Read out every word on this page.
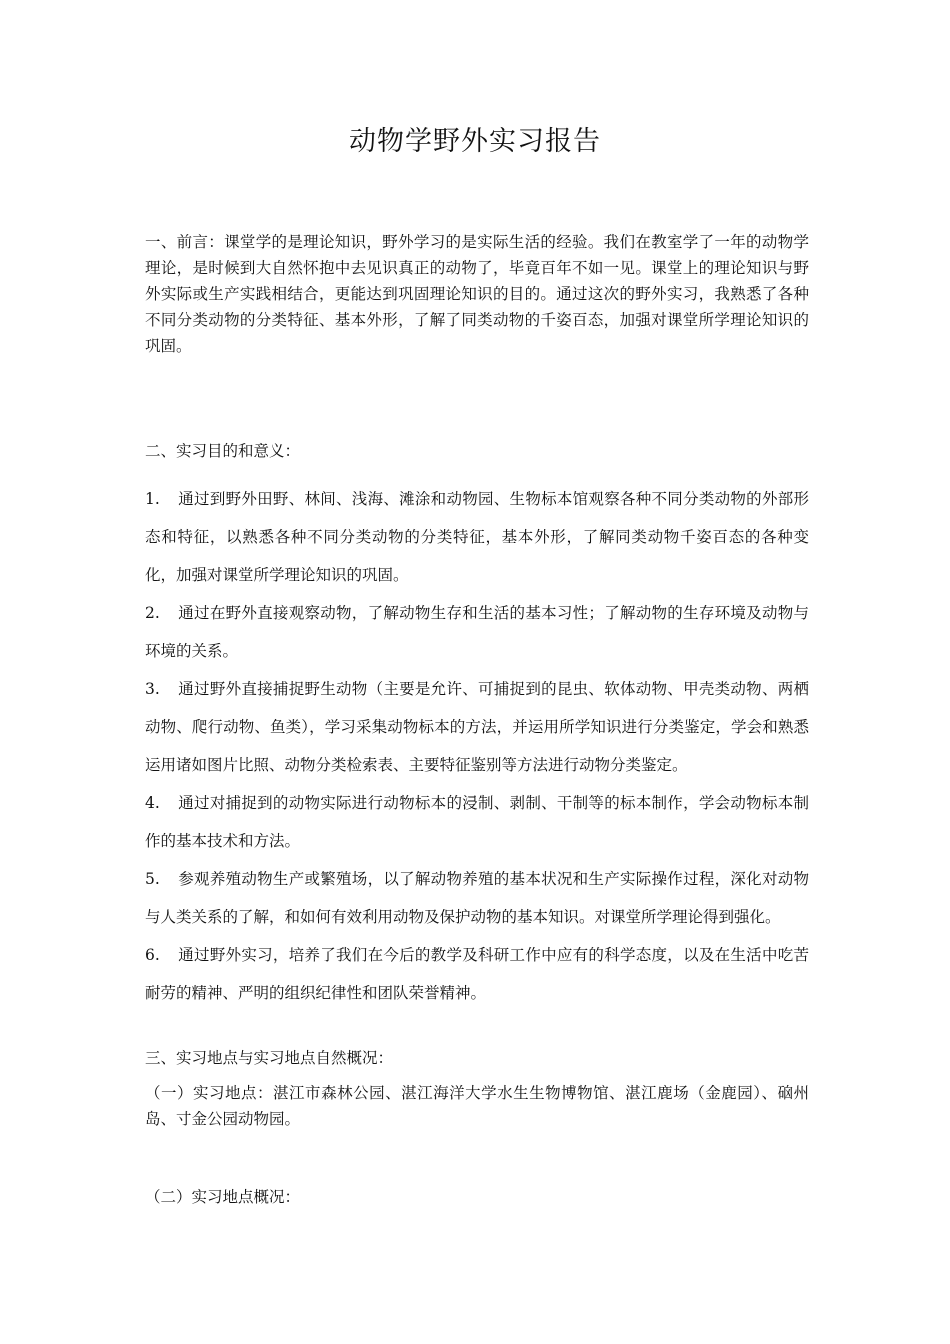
动物学野外实习报告
一、前言：课堂学的是理论知识，野外学习的是实际生活的经验。我们在教室学了一年的动物学理论，是时候到大自然怀抱中去见识真正的动物了，毕竟百年不如一见。课堂上的理论知识与野外实际或生产实践相结合，更能达到巩固理论知识的目的。通过这次的野外实习，我熟悉了各种不同分类动物的分类特征、基本外形，了解了同类动物的千姿百态，加强对课堂所学理论知识的巩固。
二、实习目的和意义：
1. 通过到野外田野、林间、浅海、滩涂和动物园、生物标本馆观察各种不同分类动物的外部形态和特征，以熟悉各种不同分类动物的分类特征，基本外形，了解同类动物千姿百态的各种变化，加强对课堂所学理论知识的巩固。
2. 通过在野外直接观察动物，了解动物生存和生活的基本习性；了解动物的生存环境及动物与环境的关系。
3. 通过野外直接捕捉野生动物（主要是允许、可捕捉到的昆虫、软体动物、甲壳类动物、两栖动物、爬行动物、鱼类），学习采集动物标本的方法，并运用所学知识进行分类鉴定，学会和熟悉运用诸如图片比照、动物分类检索表、主要特征鉴别等方法进行动物分类鉴定。
4. 通过对捕捉到的动物实际进行动物标本的浸制、剥制、干制等的标本制作，学会动物标本制作的基本技术和方法。
5. 参观养殖动物生产或繁殖场，以了解动物养殖的基本状况和生产实际操作过程，深化对动物与人类关系的了解，和如何有效利用动物及保护动物的基本知识。对课堂所学理论得到强化。
6. 通过野外实习，培养了我们在今后的教学及科研工作中应有的科学态度，以及在生活中吃苦耐劳的精神、严明的组织纪律性和团队荣誉精神。
三、实习地点与实习地点自然概况：
（一）实习地点：湛江市森林公园、湛江海洋大学水生生物博物馆、湛江鹿场（金鹿园）、硇州岛、寸金公园动物园。
（二）实习地点概况：
